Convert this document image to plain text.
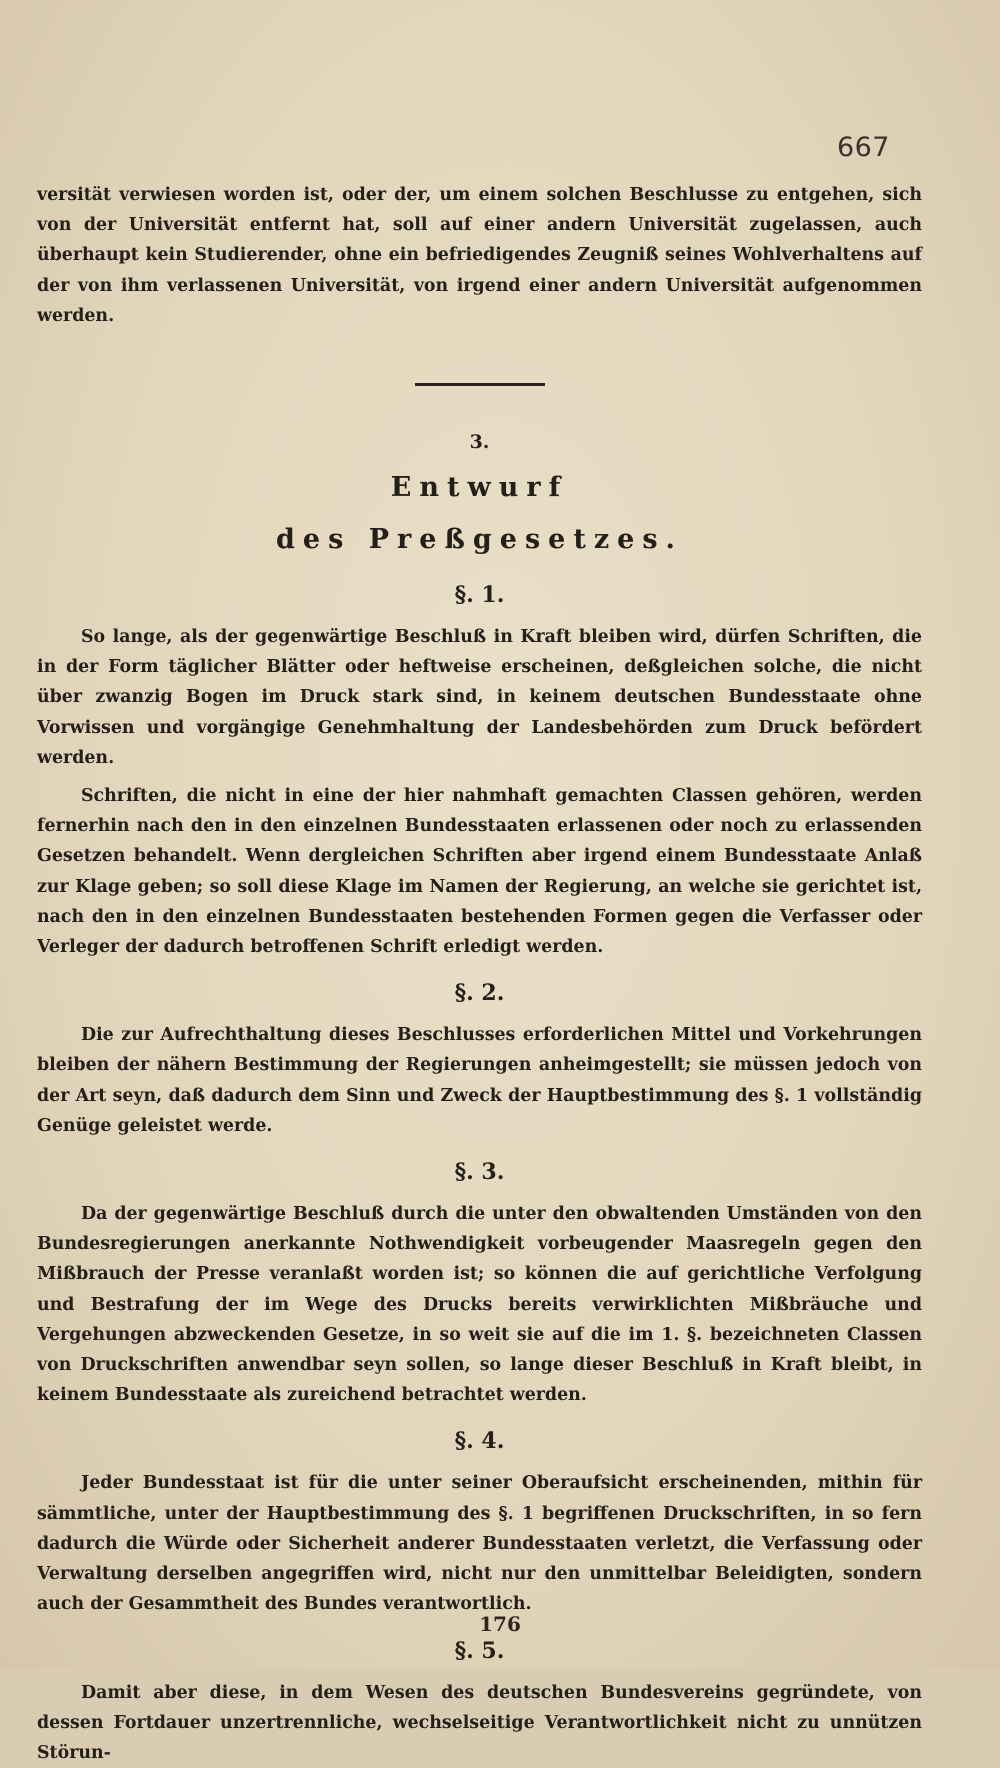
667

versität verwiesen worden ist, oder der, um einem solchen Beschlusse zu entgehen, sich von der Universität entfernt hat, soll auf einer andern Universität zugelassen, auch überhaupt kein Studierender, ohne ein befriedigendes Zeugniß seines Wohlverhaltens auf der von ihm verlassenen Universität, von irgend einer andern Universität aufgenommen werden.

3.
Entwurf
des Preßgesetzes.
§. 1.

So lange, als der gegenwärtige Beschluß in Kraft bleiben wird, dürfen Schriften, die in der Form täglicher Blätter oder heftweise erscheinen, deßgleichen solche, die nicht über zwanzig Bogen im Druck stark sind, in keinem deutschen Bundesstaate ohne Vorwissen und vorgängige Genehmhaltung der Landesbehörden zum Druck befördert werden.

Schriften, die nicht in eine der hier nahmhaft gemachten Classen gehören, werden fernerhin nach den in den einzelnen Bundesstaaten erlassenen oder noch zu erlassenden Gesetzen behandelt. Wenn dergleichen Schriften aber irgend einem Bundesstaate Anlaß zur Klage geben; so soll diese Klage im Namen der Regierung, an welche sie gerichtet ist, nach den in den einzelnen Bundesstaaten bestehenden Formen gegen die Verfasser oder Verleger der dadurch betroffenen Schrift erledigt werden.

§. 2.

Die zur Aufrechthaltung dieses Beschlusses erforderlichen Mittel und Vorkehrungen bleiben der nähern Bestimmung der Regierungen anheimgestellt; sie müssen jedoch von der Art seyn, daß dadurch dem Sinn und Zweck der Hauptbestimmung des §. 1 vollständig Genüge geleistet werde.

§. 3.

Da der gegenwärtige Beschluß durch die unter den obwaltenden Umständen von den Bundesregierungen anerkannte Nothwendigkeit vorbeugender Maasregeln gegen den Mißbrauch der Presse veranlaßt worden ist; so können die auf gerichtliche Verfolgung und Bestrafung der im Wege des Drucks bereits verwirklichten Mißbräuche und Vergehungen abzweckenden Gesetze, in so weit sie auf die im 1. §. bezeichneten Classen von Druckschriften anwendbar seyn sollen, so lange dieser Beschluß in Kraft bleibt, in keinem Bundesstaate als zureichend betrachtet werden.

§. 4.

Jeder Bundesstaat ist für die unter seiner Oberaufsicht erscheinenden, mithin für sämmtliche, unter der Hauptbestimmung des §. 1 begriffenen Druckschriften, in so fern dadurch die Würde oder Sicherheit anderer Bundesstaaten verletzt, die Verfassung oder Verwaltung derselben angegriffen wird, nicht nur den unmittelbar Beleidigten, sondern auch der Gesammtheit des Bundes verantwortlich.

§. 5.

Damit aber diese, in dem Wesen des deutschen Bundesvereins gegründete, von dessen Fortdauer unzertrennliche, wechselseitige Verantwortlichkeit nicht zu unnützen Störun-

176
